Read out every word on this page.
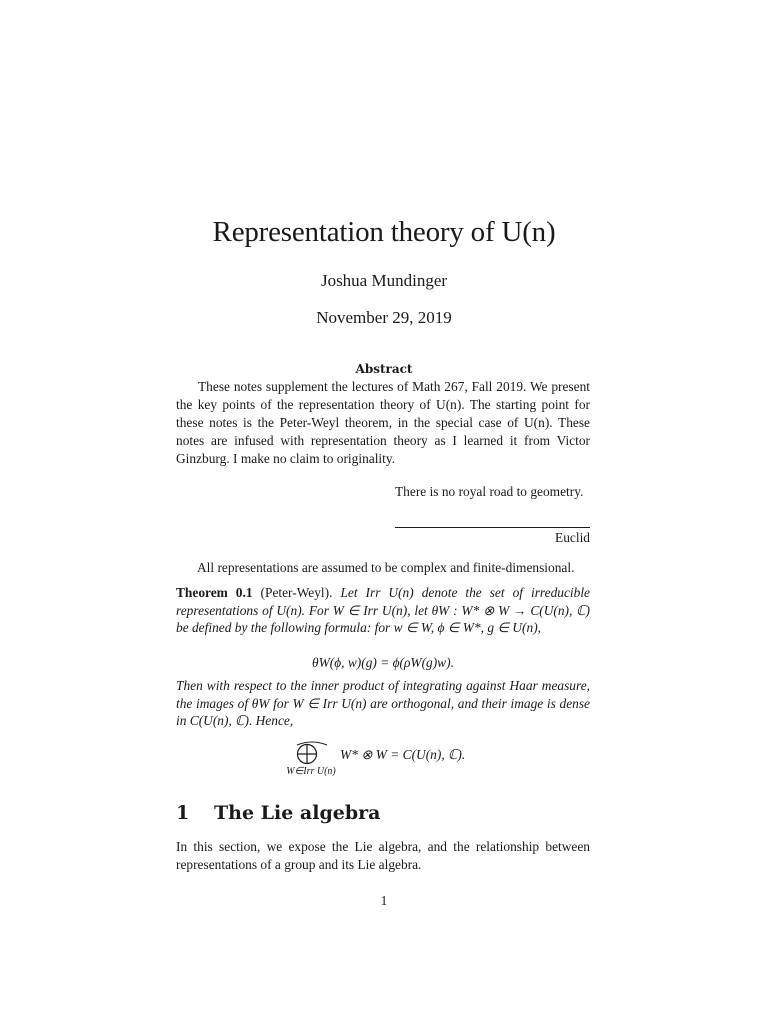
Representation theory of U(n)
Joshua Mundinger
November 29, 2019
Abstract
These notes supplement the lectures of Math 267, Fall 2019. We present the key points of the representation theory of U(n). The starting point for these notes is the Peter-Weyl theorem, in the special case of U(n). These notes are infused with representation theory as I learned it from Victor Ginzburg. I make no claim to originality.
There is no royal road to geometry.
Euclid
All representations are assumed to be complex and finite-dimensional.
Theorem 0.1 (Peter-Weyl). Let Irr U(n) denote the set of irreducible representations of U(n). For W ∈ Irr U(n), let θW : W* ⊗ W → C(U(n), ℂ) be defined by the following formula: for w ∈ W, ϕ ∈ W*, g ∈ U(n),
θW(ϕ, w)(g) = ϕ(ρW(g)w).
Then with respect to the inner product of integrating against Haar measure, the images of θW for W ∈ Irr U(n) are orthogonal, and their image is dense in C(U(n), ℂ). Hence,
W∈Irr U(n)
W* ⊗ W = C(U(n), ℂ).
1 The Lie algebra
In this section, we expose the Lie algebra, and the relationship between representations of a group and its Lie algebra.
1
